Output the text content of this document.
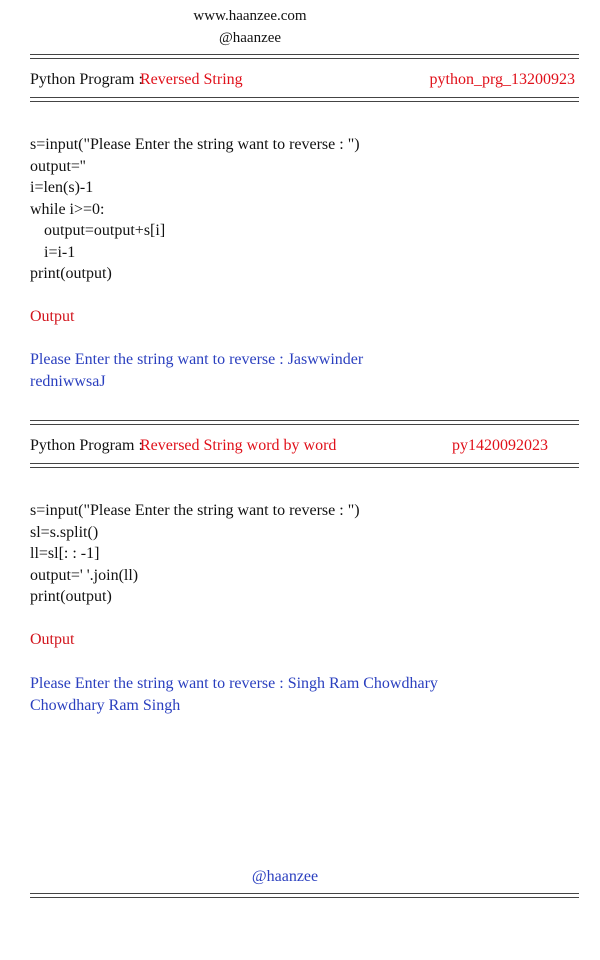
www.haanzee.com
@haanzee
Python Program :
Reversed String	python_prg_13200923
s=input("Please Enter the string want to reverse : ")
output=''
i=len(s)-1
while i>=0:
output=output+s[i]
i=i-1
print(output)
Output
Please Enter the string want to reverse : Jaswwinder
redniwwsaJ
Python Program :
Reversed String word by word	py1420092023
s=input("Please Enter the string want to reverse : ")
sl=s.split()
ll=sl[: : -1]
output=' '.join(ll)
print(output)
Output
Please Enter the string want to reverse : Singh Ram Chowdhary
Chowdhary Ram Singh
@haanzee
